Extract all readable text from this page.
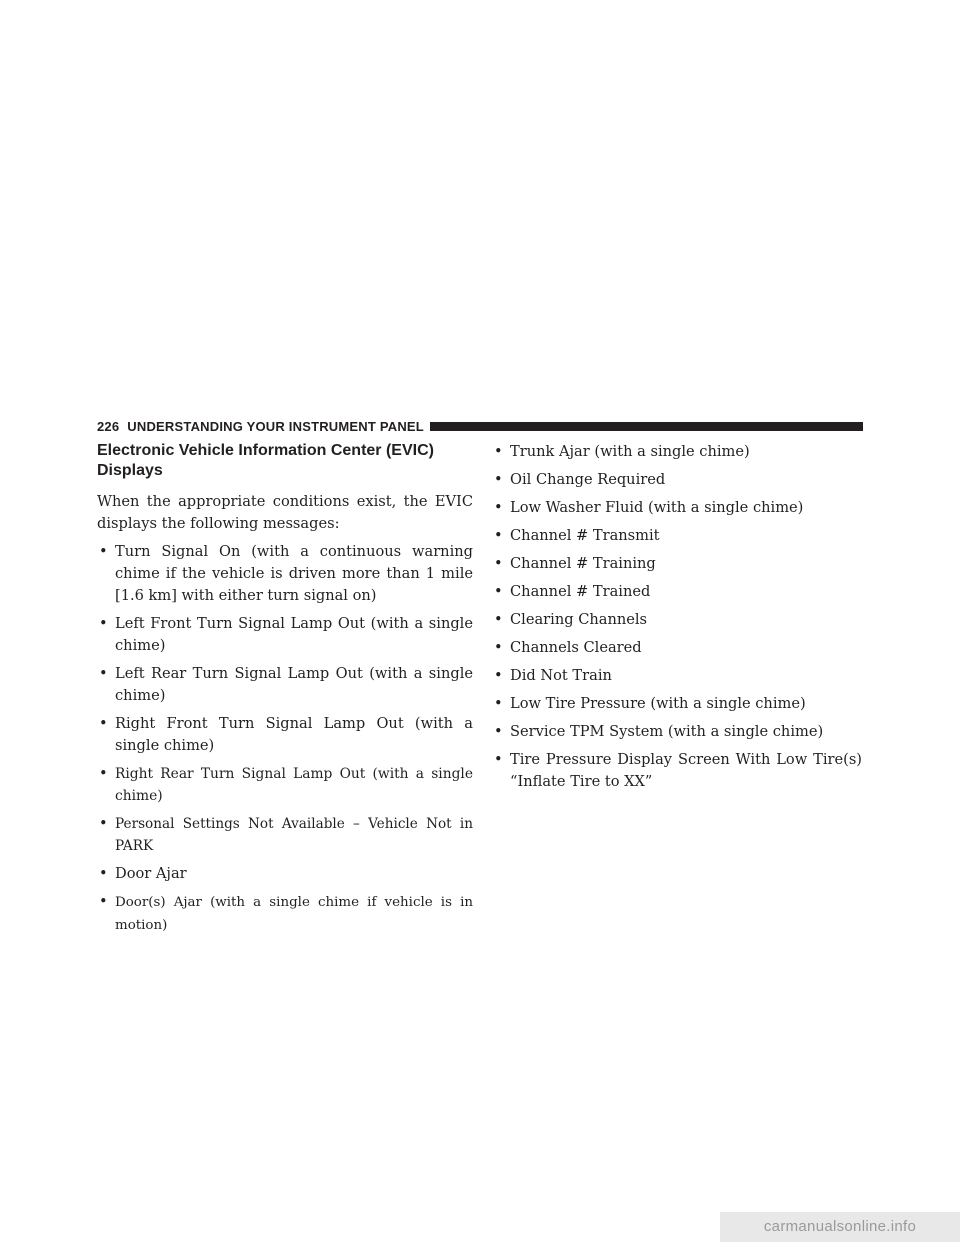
226 UNDERSTANDING YOUR INSTRUMENT PANEL
Electronic Vehicle Information Center (EVIC) Displays

When the appropriate conditions exist, the EVIC displays the following messages:

• Turn Signal On (with a continuous warning chime if the vehicle is driven more than 1 mile [1.6 km] with either turn signal on)
• Left Front Turn Signal Lamp Out (with a single chime)
• Left Rear Turn Signal Lamp Out (with a single chime)
• Right Front Turn Signal Lamp Out (with a single chime)
• Right Rear Turn Signal Lamp Out (with a single chime)
• Personal Settings Not Available – Vehicle Not in PARK
• Door Ajar
• Door(s) Ajar (with a single chime if vehicle is in motion)
• Trunk Ajar (with a single chime)
• Oil Change Required
• Low Washer Fluid (with a single chime)
• Channel # Transmit
• Channel # Training
• Channel # Trained
• Clearing Channels
• Channels Cleared
• Did Not Train
• Low Tire Pressure (with a single chime)
• Service TPM System (with a single chime)
• Tire Pressure Display Screen With Low Tire(s) “Inflate Tire to XX”
carmanualsonline.info
